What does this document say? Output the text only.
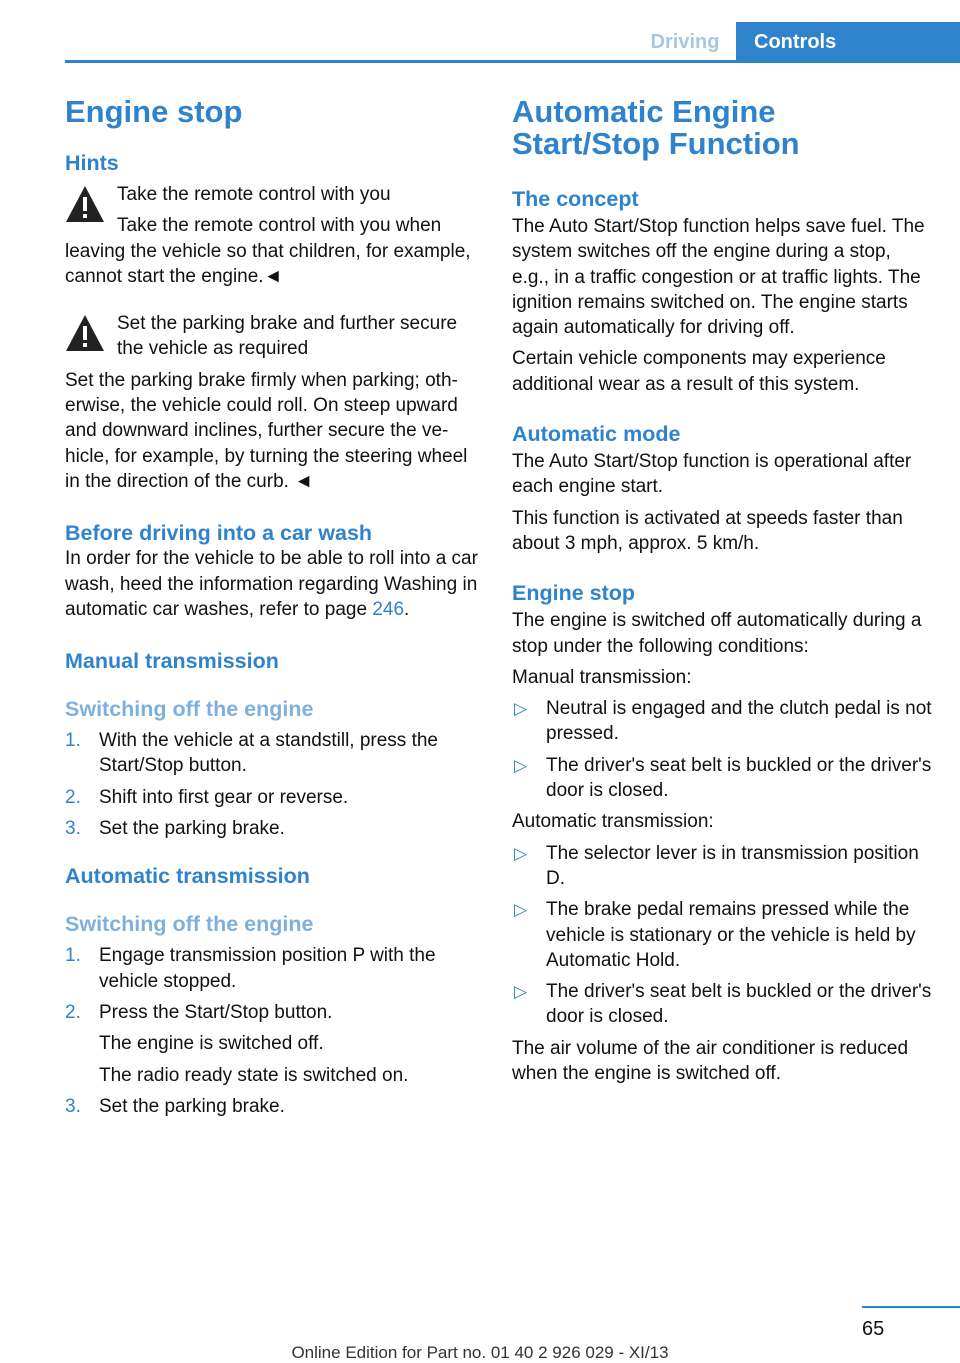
Driving	Controls
Engine stop
Hints

Take the remote control with you

Take the remote control with you when leaving the vehicle so that children, for example, cannot start the engine.◄

Set the parking brake and further secure the vehicle as required

Set the parking brake firmly when parking; otherwise, the vehicle could roll. On steep upward and downward inclines, further secure the vehicle, for example, by turning the steering wheel in the direction of the curb. ◄

Before driving into a car wash

In order for the vehicle to be able to roll into a car wash, heed the information regarding Washing in automatic car washes, refer to page 246.

Manual transmission
Switching off the engine
1. With the vehicle at a standstill, press the Start/Stop button.
2. Shift into first gear or reverse.
3. Set the parking brake.
Automatic transmission
Switching off the engine
1. Engage transmission position P with the vehicle stopped.
2. Press the Start/Stop button.
The engine is switched off.
The radio ready state is switched on.
3. Set the parking brake.
Automatic Engine Start/Stop Function
The concept

The Auto Start/Stop function helps save fuel. The system switches off the engine during a stop, e.g., in a traffic congestion or at traffic lights. The ignition remains switched on. The engine starts again automatically for driving off.

Certain vehicle components may experience additional wear as a result of this system.

Automatic mode

The Auto Start/Stop function is operational after each engine start.

This function is activated at speeds faster than about 3 mph, approx. 5 km/h.

Engine stop

The engine is switched off automatically during a stop under the following conditions:

Manual transmission:

▷ Neutral is engaged and the clutch pedal is not pressed.
▷ The driver's seat belt is buckled or the driver's door is closed.

Automatic transmission:

▷ The selector lever is in transmission position D.
▷ The brake pedal remains pressed while the vehicle is stationary or the vehicle is held by Automatic Hold.
▷ The driver's seat belt is buckled or the driver's door is closed.

The air volume of the air conditioner is reduced when the engine is switched off.

65
Online Edition for Part no. 01 40 2 926 029 - XI/13
